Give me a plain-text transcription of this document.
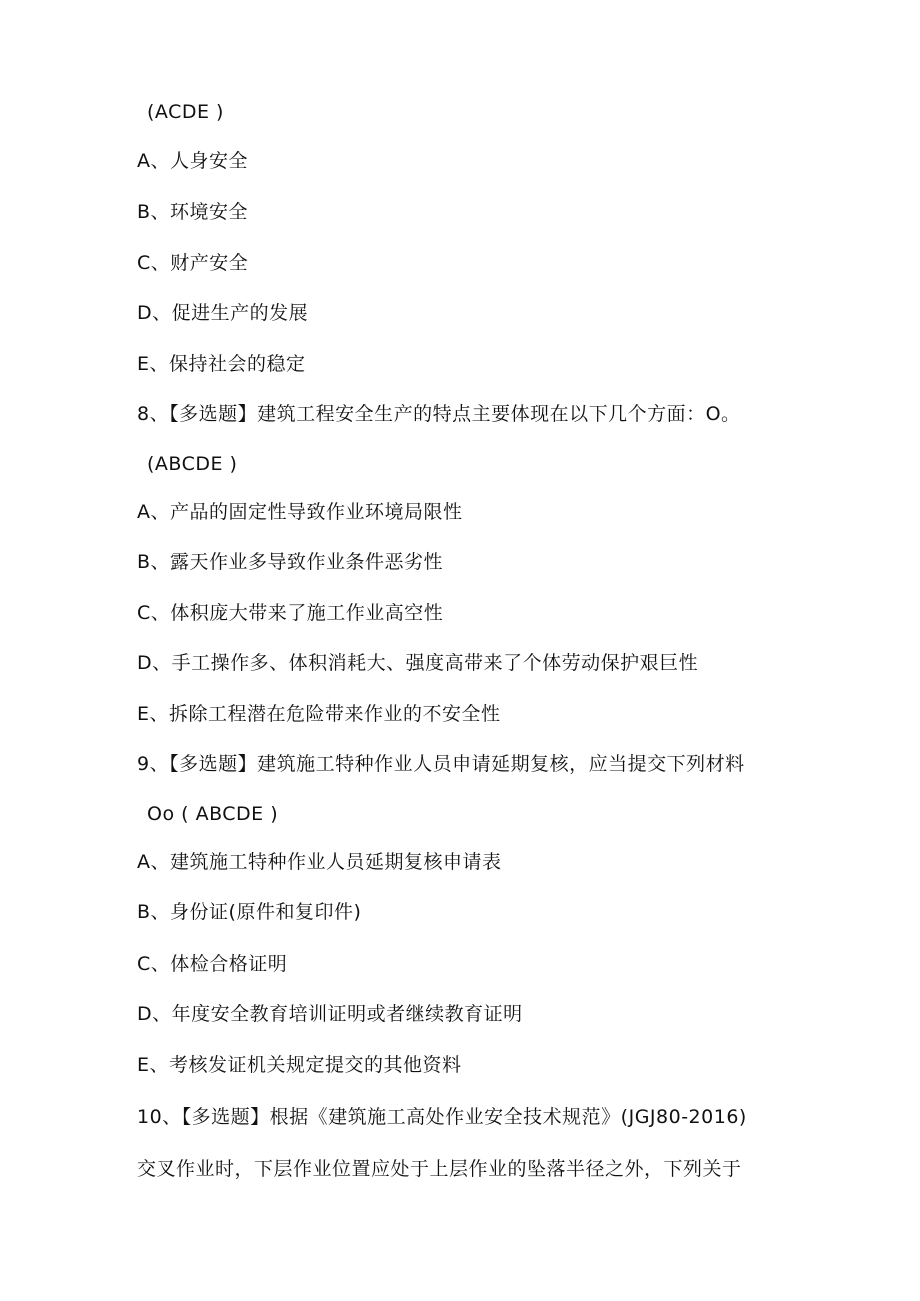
(ACDE )
A、人身安全
B、环境安全
C、财产安全
D、促进生产的发展
E、保持社会的稳定
8、【多选题】建筑工程安全生产的特点主要体现在以下几个方面：O。
(ABCDE )
A、产品的固定性导致作业环境局限性
B、露天作业多导致作业条件恶劣性
C、体积庞大带来了施工作业高空性
D、手工操作多、体积消耗大、强度高带来了个体劳动保护艰巨性
E、拆除工程潜在危险带来作业的不安全性
9、【多选题】建筑施工特种作业人员申请延期复核，应当提交下列材料
Oo ( ABCDE )
A、建筑施工特种作业人员延期复核申请表
B、身份证(原件和复印件)
C、体检合格证明
D、年度安全教育培训证明或者继续教育证明
E、考核发证机关规定提交的其他资料
10、【多选题】根据《建筑施工高处作业安全技术规范》(JGJ80-2016)
交叉作业时，下层作业位置应处于上层作业的坠落半径之外，下列关于
